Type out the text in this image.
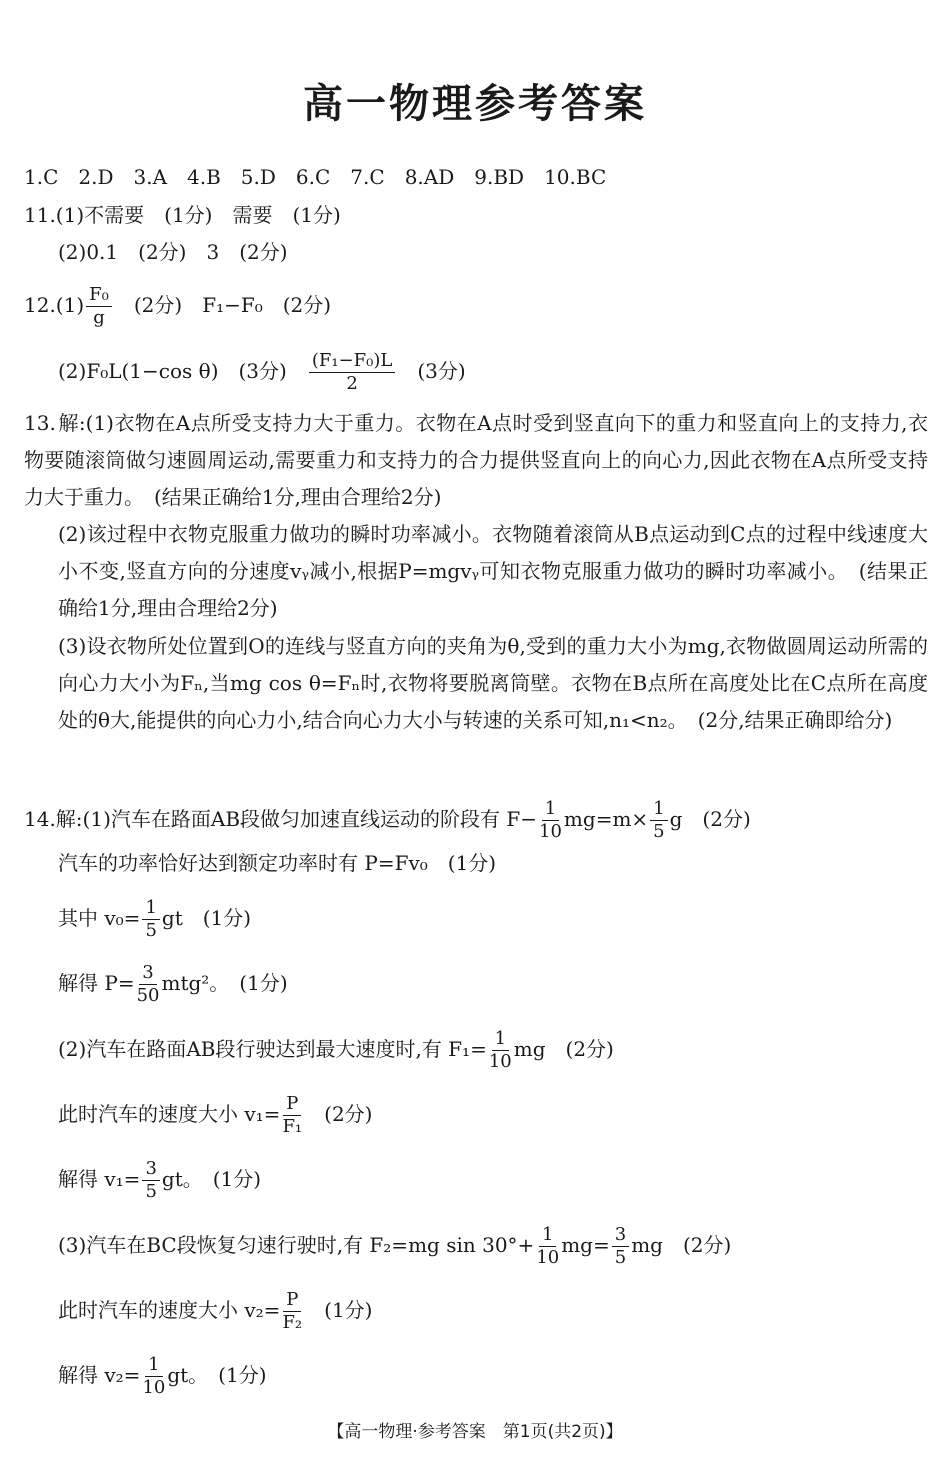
高一物理参考答案
1.C　2.D　3.A　4.B　5.D　6.C　7.C　8.AD　9.BD　10.BC
11.(1)不需要　(1分)　需要　(1分)
(2)0.1　(2分)　3　(2分)
$12.(1) \frac{\text{F₀}}{g}$ 　(2分)　F₁−F₀　(2分)
(2)F₀L(1−cos θ)　(3分)　 $\frac{\text{(F₁−F₀)L}}{2}$ 　(3分)
13. 解:(1)衣物在A点所受支持力大于重力。衣物在A点时受到竖直向下的重力和竖直向上的支持力,衣物要随滚筒做匀速圆周运动,需要重力和支持力的合力提供竖直向上的向心力,因此衣物在A点所受支持力大于重力。　(结果正确给1分,理由合理给2分)
(2)该过程中衣物克服重力做功的瞬时功率减小。衣物随着滚筒从B点运动到C点的过程中线速度大小不变,竖直方向的分速度vᵧ减小,根据P=mgvᵧ可知衣物克服重力做功的瞬时功率减小。　(结果正确给1分,理由合理给2分)
(3)设衣物所处位置到O的连线与竖直方向的夹角为θ,受到的重力大小为mg,衣物做圆周运动所需的向心力大小为Fₙ,当mg cos θ=Fₙ时,衣物将要脱离筒壁。衣物在B点所在高度处比在C点所在高度处的θ大,能提供的向心力小,结合向心力大小与转速的关系可知,n₁<n₂。　(2分,结果正确即给分)
14.解:(1)汽车在路面AB段做匀加速直线运动的阶段有 $F- \frac{1}{10} mg=m\times \frac{1}{5}$ g　(2分)
汽车的功率恰好达到额定功率时有 P=Fv₀　(1分)
其中 $v_0= \frac{1}{5}$ gt　(1分)
解得 $P= \frac{3}{50} mtg^2$。　(1分)
(2)汽车在路面AB段行驶达到最大速度时,有 $F_1= \frac{1}{10}$ mg　(2分)
此时汽车的速度大小 $v_1= \frac{P}{\text{F₁}}$ 　(2分)
解得 $v_1= \frac{3}{5}$ gt。　(1分)
(3)汽车在BC段恢复匀速行驶时,有 F₂=mg $\sin 30^\circ+ \frac{1}{10} mg= \frac{3}{5}$ mg　(2分)
此时汽车的速度大小 $v_2= \frac{P}{\text{F₂}}$ 　(1分)
解得 $v_2= \frac{1}{10}$ gt。　(1分)
【高一物理·参考答案　第1页(共2页)】
